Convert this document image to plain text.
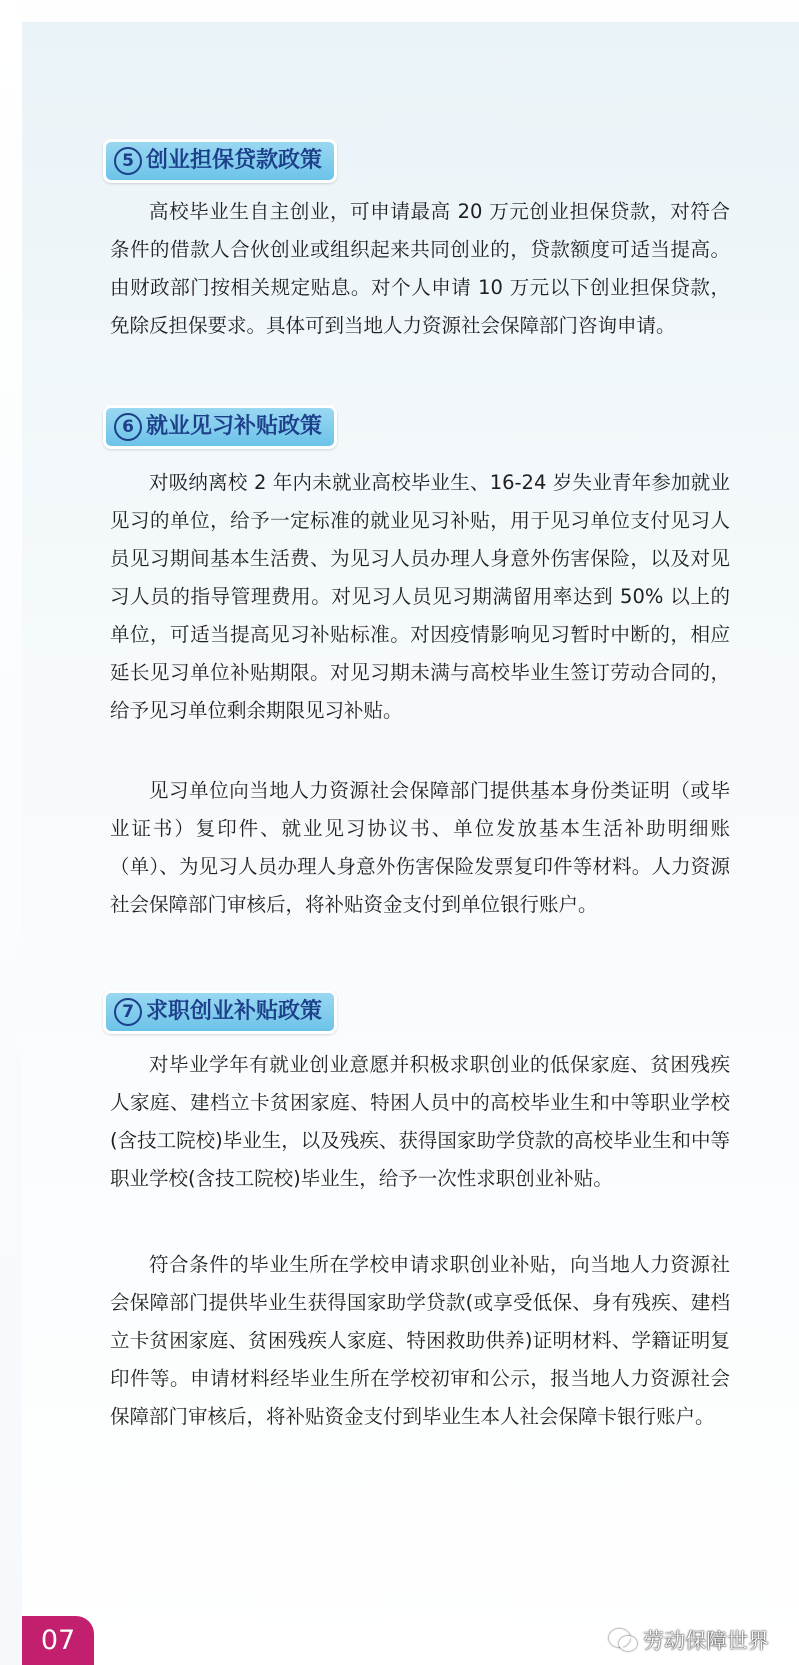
5 创业担保贷款政策

高校毕业生自主创业，可申请最高 20 万元创业担保贷款，对符合条件的借款人合伙创业或组织起来共同创业的，贷款额度可适当提高。由财政部门按相关规定贴息。对个人申请 10 万元以下创业担保贷款，免除反担保要求。具体可到当地人力资源社会保障部门咨询申请。

6 就业见习补贴政策

对吸纳离校 2 年内未就业高校毕业生、16-24 岁失业青年参加就业见习的单位，给予一定标准的就业见习补贴，用于见习单位支付见习人员见习期间基本生活费、为见习人员办理人身意外伤害保险，以及对见习人员的指导管理费用。对见习人员见习期满留用率达到 50% 以上的单位，可适当提高见习补贴标准。对因疫情影响见习暂时中断的，相应延长见习单位补贴期限。对见习期未满与高校毕业生签订劳动合同的，给予见习单位剩余期限见习补贴。

见习单位向当地人力资源社会保障部门提供基本身份类证明（或毕业证书）复印件、就业见习协议书、单位发放基本生活补助明细账（单）、为见习人员办理人身意外伤害保险发票复印件等材料。人力资源社会保障部门审核后，将补贴资金支付到单位银行账户。

7 求职创业补贴政策

对毕业学年有就业创业意愿并积极求职创业的低保家庭、贫困残疾人家庭、建档立卡贫困家庭、特困人员中的高校毕业生和中等职业学校(含技工院校)毕业生，以及残疾、获得国家助学贷款的高校毕业生和中等职业学校(含技工院校)毕业生，给予一次性求职创业补贴。

符合条件的毕业生所在学校申请求职创业补贴，向当地人力资源社会保障部门提供毕业生获得国家助学贷款(或享受低保、身有残疾、建档立卡贫困家庭、贫困残疾人家庭、特困救助供养)证明材料、学籍证明复印件等。申请材料经毕业生所在学校初审和公示，报当地人力资源社会保障部门审核后，将补贴资金支付到毕业生本人社会保障卡银行账户。

07	劳动保障世界
